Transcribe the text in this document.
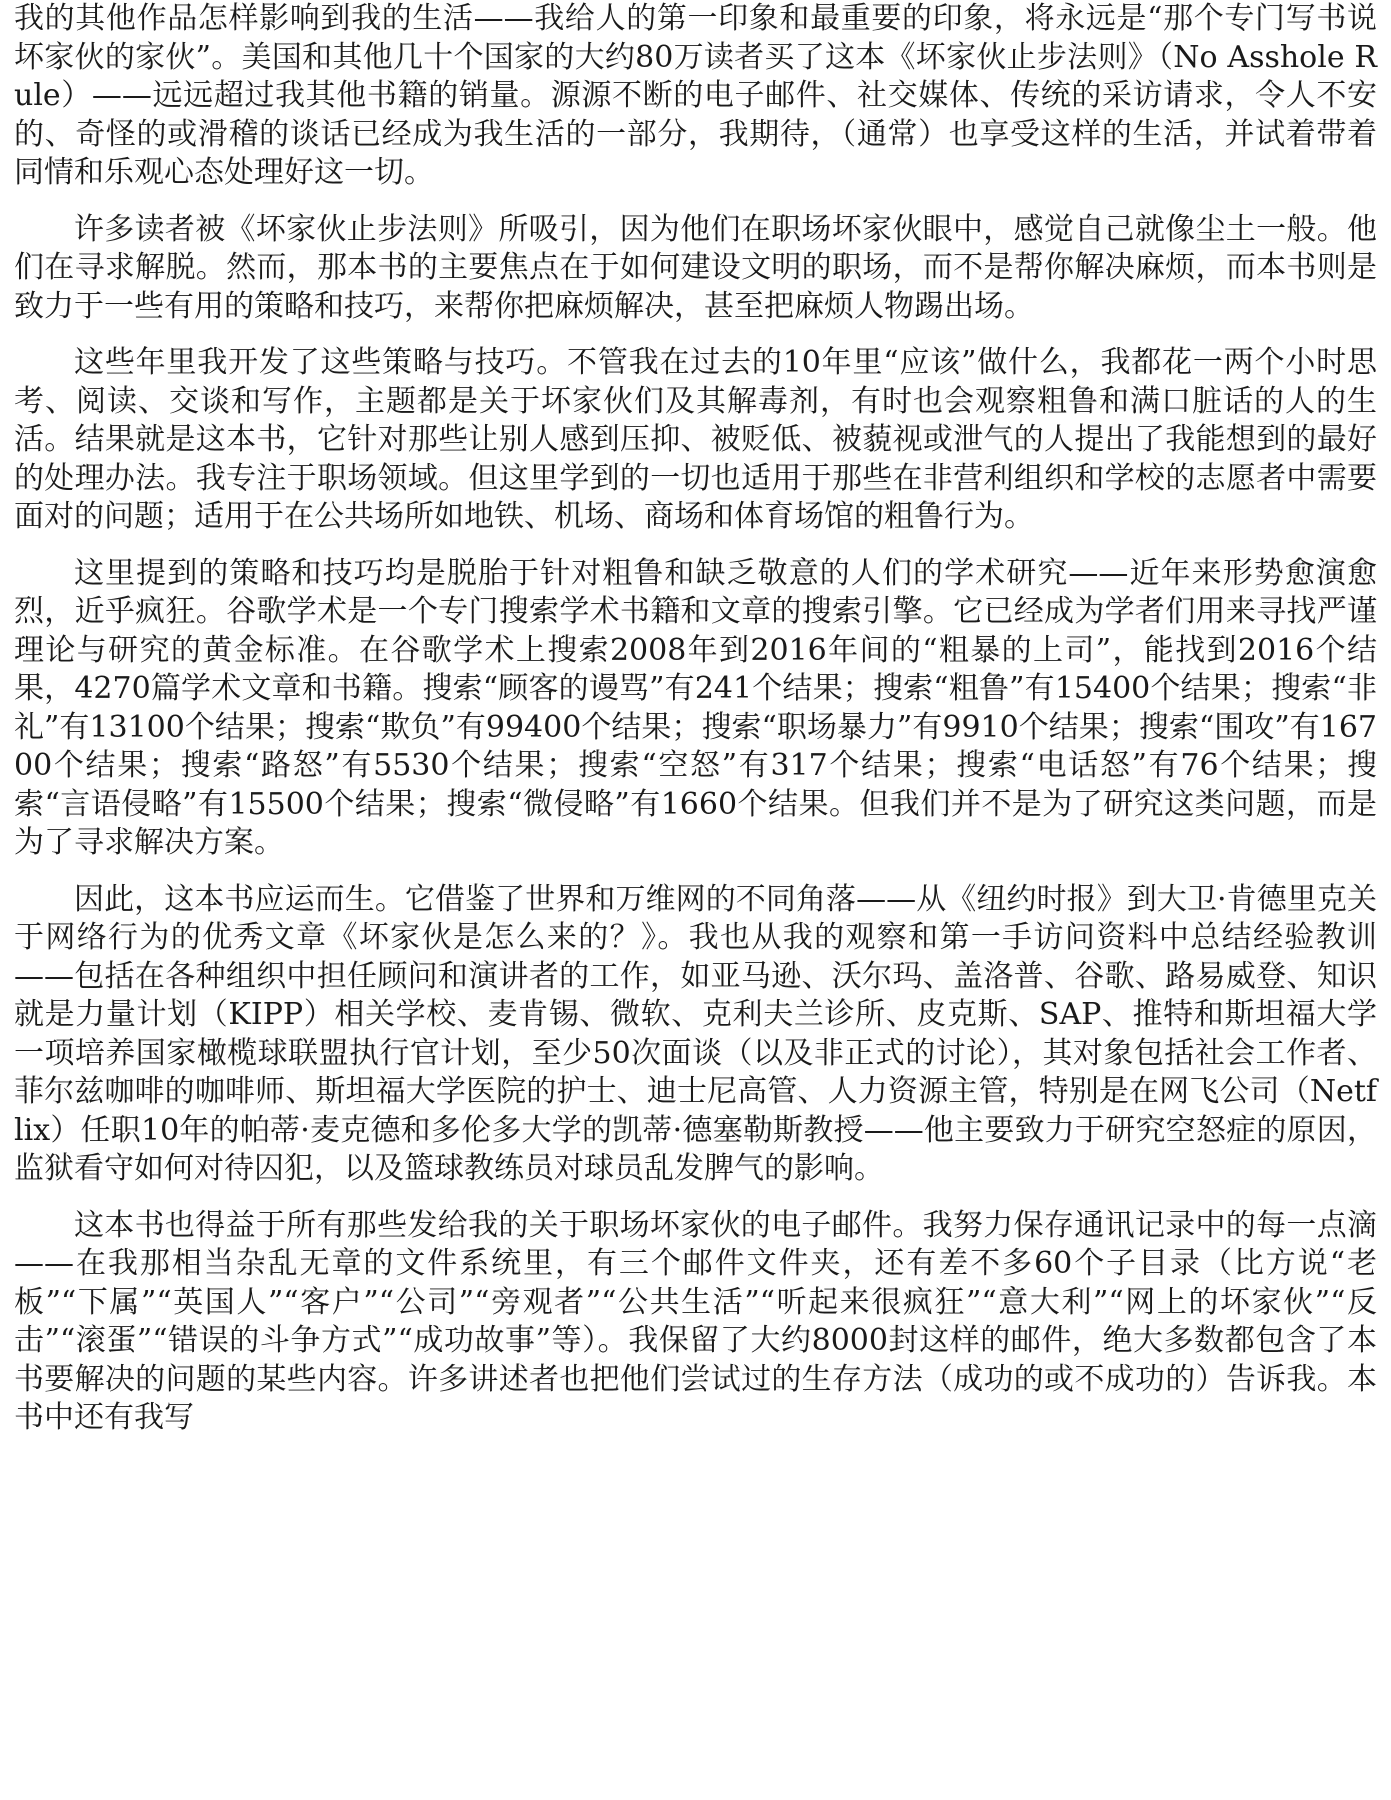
我的其他作品怎样影响到我的生活——我给人的第一印象和最重要的印象，将永远是“那个专门写书说坏家伙的家伙”。美国和其他几十个国家的大约80万读者买了这本《坏家伙止步法则》（No Asshole Rule）——远远超过我其他书籍的销量。源源不断的电子邮件、社交媒体、传统的采访请求，令人不安的、奇怪的或滑稽的谈话已经成为我生活的一部分，我期待，（通常）也享受这样的生活，并试着带着同情和乐观心态处理好这一切。

许多读者被《坏家伙止步法则》所吸引，因为他们在职场坏家伙眼中，感觉自己就像尘土一般。他们在寻求解脱。然而，那本书的主要焦点在于如何建设文明的职场，而不是帮你解决麻烦，而本书则是致力于一些有用的策略和技巧，来帮你把麻烦解决，甚至把麻烦人物踢出场。

这些年里我开发了这些策略与技巧。不管我在过去的10年里“应该”做什么，我都花一两个小时思考、阅读、交谈和写作，主题都是关于坏家伙们及其解毒剂，有时也会观察粗鲁和满口脏话的人的生活。结果就是这本书，它针对那些让别人感到压抑、被贬低、被藐视或泄气的人提出了我能想到的最好的处理办法。我专注于职场领域。但这里学到的一切也适用于那些在非营利组织和学校的志愿者中需要面对的问题；适用于在公共场所如地铁、机场、商场和体育场馆的粗鲁行为。

这里提到的策略和技巧均是脱胎于针对粗鲁和缺乏敬意的人们的学术研究——近年来形势愈演愈烈，近乎疯狂。谷歌学术是一个专门搜索学术书籍和文章的搜索引擎。它已经成为学者们用来寻找严谨理论与研究的黄金标准。在谷歌学术上搜索2008年到2016年间的“粗暴的上司”，能找到2016个结果，4270篇学术文章和书籍。搜索“顾客的谩骂”有241个结果；搜索“粗鲁”有15400个结果；搜索“非礼”有13100个结果；搜索“欺负”有99400个结果；搜索“职场暴力”有9910个结果；搜索“围攻”有16700个结果；搜索“路怒”有5530个结果；搜索“空怒”有317个结果；搜索“电话怒”有76个结果；搜索“言语侵略”有15500个结果；搜索“微侵略”有1660个结果。但我们并不是为了研究这类问题，而是为了寻求解决方案。

因此，这本书应运而生。它借鉴了世界和万维网的不同角落——从《纽约时报》到大卫·肯德里克关于网络行为的优秀文章《坏家伙是怎么来的？》。我也从我的观察和第一手访问资料中总结经验教训——包括在各种组织中担任顾问和演讲者的工作，如亚马逊、沃尔玛、盖洛普、谷歌、路易威登、知识就是力量计划（KIPP）相关学校、麦肯锡、微软、克利夫兰诊所、皮克斯、SAP、推特和斯坦福大学一项培养国家橄榄球联盟执行官计划，至少50次面谈（以及非正式的讨论），其对象包括社会工作者、菲尔兹咖啡的咖啡师、斯坦福大学医院的护士、迪士尼高管、人力资源主管，特别是在网飞公司（Netflix）任职10年的帕蒂·麦克德和多伦多大学的凯蒂·德塞勒斯教授——他主要致力于研究空怒症的原因，监狱看守如何对待囚犯，以及篮球教练员对球员乱发脾气的影响。

这本书也得益于所有那些发给我的关于职场坏家伙的电子邮件。我努力保存通讯记录中的每一点滴——在我那相当杂乱无章的文件系统里，有三个邮件文件夹，还有差不多60个子目录（比方说“老板”“下属”“英国人”“客户”“公司”“旁观者”“公共生活”“听起来很疯狂”“意大利”“网上的坏家伙”“反击”“滚蛋”“错误的斗争方式”“成功故事”等）。我保留了大约8000封这样的邮件，绝大多数都包含了本书要解决的问题的某些内容。许多讲述者也把他们尝试过的生存方法（成功的或不成功的）告诉我。本书中还有我写
